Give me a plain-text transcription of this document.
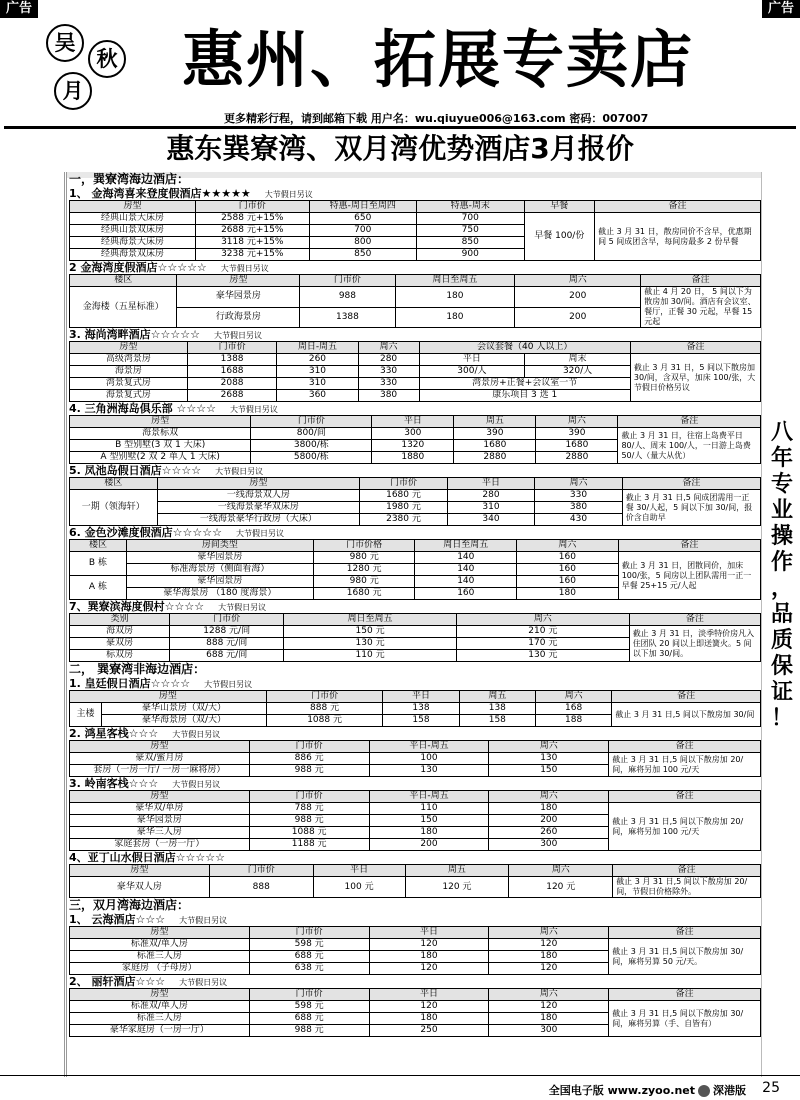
广告	广告
吴
秋
月 惠州、拓展专卖店
更多精彩行程，请到邮箱下载 用户名：wu.qiuyue006@163.com 密码：007007
惠东巽寮湾、双月湾优势酒店3月报价
一，巽寮湾海边酒店：
1、 金海湾喜来登度假酒店★★★★★ 大节假日另议
房型	门市价	特惠-周日至周四	特惠-周末	早餐	备注
经典山景大床房	2588 元+15%	650	700	早餐 100/份	截止 3 月 31 日，散房同价不含早，优惠期间 5 间成团含早，每间房最多 2 份早餐
经典山景双床房	2688 元+15%	700	750		
经典海景大床房	3118 元+15%	800	850		
经典海景双床房	3238 元+15%	850	900		
2 金海湾度假酒店☆☆☆☆☆ 大节假日另议
楼区	房型	门市价	周日至周五	周六	备注
金海楼（五星标准）	豪华园景房	988	180	200	截止 4 月 20 日， 5 间以下为散房加 30/间。酒店有会议室、餐厅，正餐 30 元起，早餐 15 元起
	行政海景房	1388	180	200	
3. 海尚湾畔酒店☆☆☆☆☆ 大节假日另议
房型	门市价	周日-周五	周六	会议套餐（40 人以上）		备注
高级湾景房	1388	260	280	平日	周末	截止 3 月 31 日，5 间以下散房加 30/间，含双早，加床 100/张，大节假日价格另议
海景房	1688	310	330	300/人	320/人	
湾景复式房	2088	310	330	湾景房+正餐+会议室一节		
海景复式房	2688	360	380	康乐项目 3 选 1		
4. 三角洲海岛俱乐部 ☆☆☆☆ 大节假日另议
房型	门市价	平日	周五	周六	备注
海景标双	800/间	300	390	390	截止 3 月 31 日，往宿上岛费平日 80/人、周末 100/人，一日游上岛费 50/人（量大从优）
B 型别墅(3 双 1 大床)	3800/栋	1320	1680	1680	
A 型别墅(2 双 2 单人 1 大床)	5800/栋	1880	2880	2880	
5. 凤池岛假日酒店☆☆☆☆ 大节假日另议
楼区	房型	门市价	平日	周六	备注
一期（领海轩）	一线海景双人房	1680 元	280	330	截止 3 月 31 日,5 间成团需用一正餐 30/人起，5 间以下加 30/间，报价含自助早
	一线海景豪华双床房	1980 元	310	380	
	一线海景豪华行政房（大床）	2380 元	340	430	
6. 金色沙滩度假酒店☆☆☆☆☆ 大节假日另议
楼区	房间类型	门市价格	周日至周五	周六	备注
B 栋	豪华园景房	980 元	140	160	截止 3 月 31 日，团散同价，加床 100/张，5 间房以上团队需用一正一早餐 25+15 元/人起
	标准海景房（侧面看海）	1280 元	140	160	
A 栋	豪华园景房	980 元	140	160	
	豪华海景房 （180 度海景）	1680 元	160	180	
7、巽寮滨海度假村☆☆☆☆ 大节假日另议
类别	门市价	周日至周五	周六	备注
海双房	1288 元/间	150 元	210 元	截止 3 月 31 日，淡季特价房凡入住团队 20 间以上即送簧火。5 间以下加 30/间。
豪双房	888 元/间	130 元	170 元	
标双房	688 元/间	110 元	130 元	
二， 巽寮湾非海边酒店：
1. 皇廷假日酒店☆☆☆☆ 大节假日另议
房型		门市价	平日	周五	周六	备注
主楼	豪华山景房（双/大）	888 元	138	138	168	截止 3 月 31 日,5 间以下散房加 30/间
	豪华海景房（双/大）	1088 元	158	158	188	
2. 鸿星客栈☆☆☆ 大节假日另议
房型	门市价	平日-周五	周六	备注
豪双/蜜月房	886 元	100	130	截止 3 月 31 日,5 间以下散房加 20/间，麻将另加 100 元/天
套房（一房一厅/ 一房一麻将房）	988 元	130	150	
3. 岭南客栈☆☆☆ 大节假日另议
房型	门市价	平日-周五	周六	备注
豪华双/单房	788 元	110	180	截止 3 月 31 日,5 间以下散房加 20/间，麻将另加 100 元/天
豪华园景房	988 元	150	200	
豪华三人房	1088 元	180	260	
家庭套房（一房一厅）	1188 元	200	300	
4、亚丁山水假日酒店☆☆☆☆☆
房型	门市价	平日	周五	周六	备注
豪华双人房	888	100 元	120 元	120 元	截止 3 月 31 日,5 间以下散房加 20/间，节假日价格除外。
三，双月湾海边酒店：
1、 云海酒店☆☆☆ 大节假日另议
房型	门市价	平日	周六	备注
标准双/单人房	598 元	120	120	截止 3 月 31 日,5 间以下散房加 30/间，麻将另算 50 元/天。
标准三人房	688 元	180	180	
家庭房 （子母房）	638 元	120	120	
2、 丽轩酒店☆☆☆ 大节假日另议
房型	门市价	平日	周六	备注
标准双/单人房	598 元	120	120	截止 3 月 31 日,5 间以下散房加 30/间，麻将另算（手、自皆有）
标准三人房	688 元	180	180	
豪华家庭房（一房一厅）	988 元	250	300	
八
年
专
业
操
作
，
品
质
保
证
！
全国电子版 www.zyoo.net 深港版 25
